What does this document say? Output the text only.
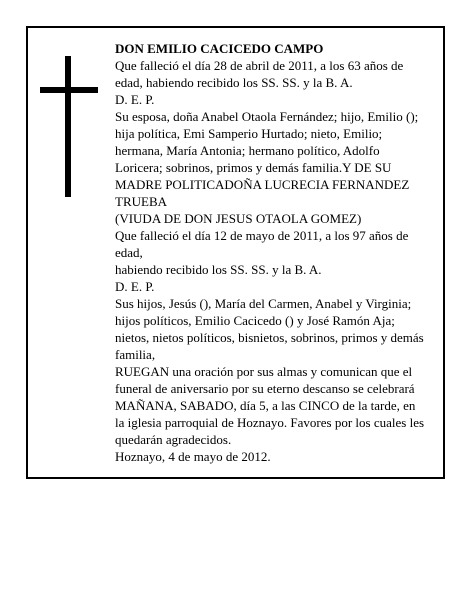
DON EMILIO CACICEDO CAMPO
Que falleció el día 28 de abril de 2011, a los 63 años de edad, habiendo recibido los SS. SS. y la B. A.
D. E. P.
Su esposa, doña Anabel Otaola Fernández; hijo, Emilio (); hija política, Emi Samperio Hurtado; nieto, Emilio; hermana, María Antonia; hermano político, Adolfo Loricera; sobrinos, primos y demás familia.Y DE SU MADRE POLITICADOÑA LUCRECIA FERNANDEZ TRUEBA
(VIUDA DE DON JESUS OTAOLA GOMEZ)
Que falleció el día 12 de mayo de 2011, a los 97 años de edad,
habiendo recibido los SS. SS. y la B. A.
D. E. P.
Sus hijos, Jesús (), María del Carmen, Anabel y Virginia; hijos políticos, Emilio Cacicedo () y José Ramón Aja; nietos, nietos políticos, bisnietos, sobrinos, primos y demás familia,
RUEGAN una oración por sus almas y comunican que el funeral de aniversario por su eterno descanso se celebrará MAÑANA, SABADO, día 5, a las CINCO de la tarde, en la iglesia parroquial de Hoznayo. Favores por los cuales les quedarán agradecidos.
Hoznayo, 4 de mayo de 2012.
